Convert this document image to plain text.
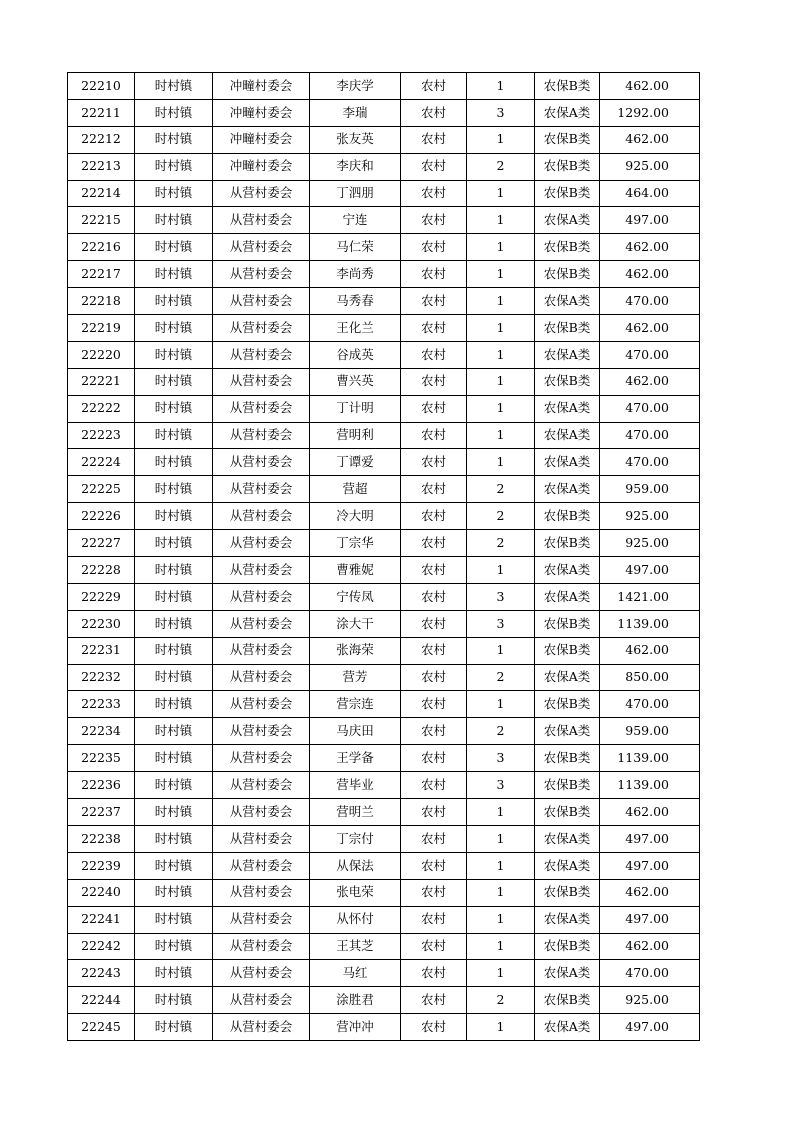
22210	时村镇	冲疃村委会	李庆学	农村	1	农保B类	462.00
22211	时村镇	冲疃村委会	李瑞	农村	3	农保A类	1292.00
22212	时村镇	冲疃村委会	张友英	农村	1	农保B类	462.00
22213	时村镇	冲疃村委会	李庆和	农村	2	农保B类	925.00
22214	时村镇	从营村委会	丁泗朋	农村	1	农保B类	464.00
22215	时村镇	从营村委会	宁连	农村	1	农保A类	497.00
22216	时村镇	从营村委会	马仁荣	农村	1	农保B类	462.00
22217	时村镇	从营村委会	李尚秀	农村	1	农保B类	462.00
22218	时村镇	从营村委会	马秀春	农村	1	农保A类	470.00
22219	时村镇	从营村委会	王化兰	农村	1	农保B类	462.00
22220	时村镇	从营村委会	谷成英	农村	1	农保A类	470.00
22221	时村镇	从营村委会	曹兴英	农村	1	农保B类	462.00
22222	时村镇	从营村委会	丁计明	农村	1	农保A类	470.00
22223	时村镇	从营村委会	营明利	农村	1	农保A类	470.00
22224	时村镇	从营村委会	丁谭爱	农村	1	农保A类	470.00
22225	时村镇	从营村委会	营超	农村	2	农保A类	959.00
22226	时村镇	从营村委会	冷大明	农村	2	农保B类	925.00
22227	时村镇	从营村委会	丁宗华	农村	2	农保B类	925.00
22228	时村镇	从营村委会	曹雅妮	农村	1	农保A类	497.00
22229	时村镇	从营村委会	宁传凤	农村	3	农保A类	1421.00
22230	时村镇	从营村委会	涂大干	农村	3	农保B类	1139.00
22231	时村镇	从营村委会	张海荣	农村	1	农保B类	462.00
22232	时村镇	从营村委会	营芳	农村	2	农保A类	850.00
22233	时村镇	从营村委会	营宗连	农村	1	农保B类	470.00
22234	时村镇	从营村委会	马庆田	农村	2	农保A类	959.00
22235	时村镇	从营村委会	王学备	农村	3	农保B类	1139.00
22236	时村镇	从营村委会	营毕业	农村	3	农保B类	1139.00
22237	时村镇	从营村委会	营明兰	农村	1	农保B类	462.00
22238	时村镇	从营村委会	丁宗付	农村	1	农保A类	497.00
22239	时村镇	从营村委会	从保法	农村	1	农保A类	497.00
22240	时村镇	从营村委会	张电荣	农村	1	农保B类	462.00
22241	时村镇	从营村委会	从怀付	农村	1	农保A类	497.00
22242	时村镇	从营村委会	王其芝	农村	1	农保B类	462.00
22243	时村镇	从营村委会	马红	农村	1	农保A类	470.00
22244	时村镇	从营村委会	涂胜君	农村	2	农保B类	925.00
22245	时村镇	从营村委会	营冲冲	农村	1	农保A类	497.00
